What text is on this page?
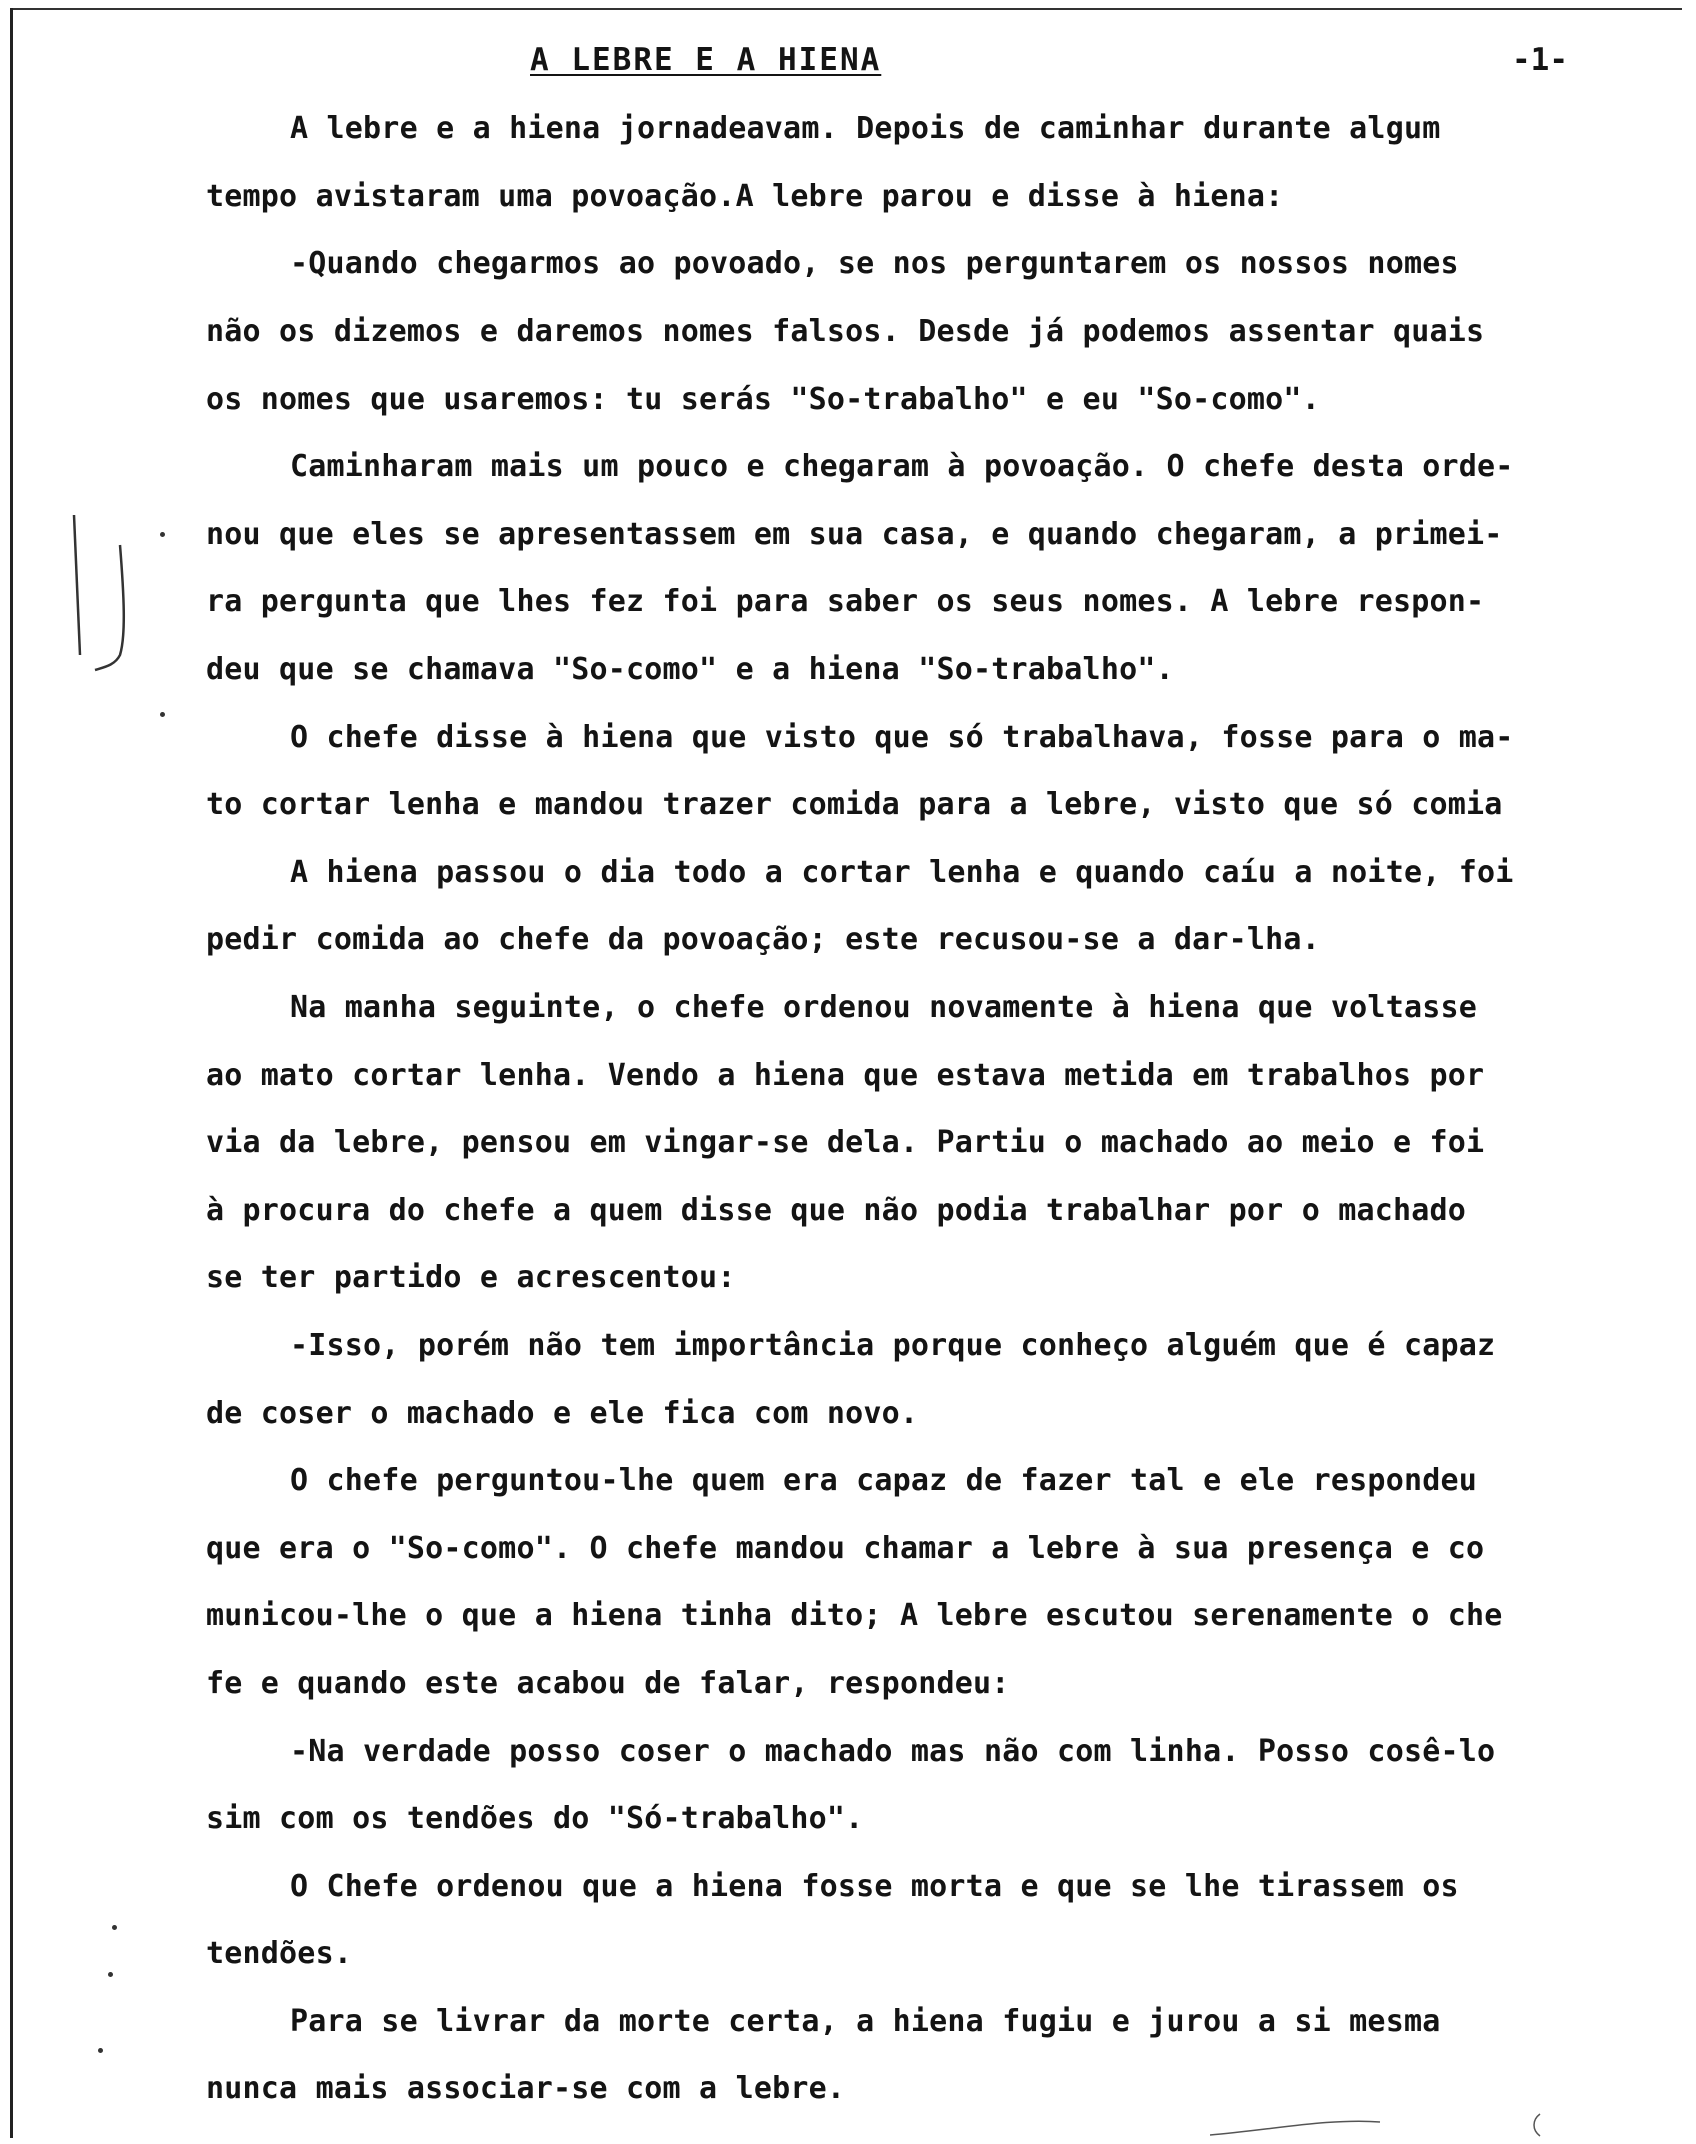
A LEBRE E A HIENA	-1-
A lebre e a hiena jornadeavam. Depois de caminhar durante algum
tempo avistaram uma povoação.A lebre parou e disse à hiena:
-Quando chegarmos ao povoado, se nos perguntarem os nossos nomes
não os dizemos e daremos nomes falsos. Desde já podemos assentar quais
os nomes que usaremos: tu serás "So-trabalho" e eu "So-como".
Caminharam mais um pouco e chegaram à povoação. O chefe desta orde-
nou que eles se apresentassem em sua casa, e quando chegaram, a primei-
ra pergunta que lhes fez foi para saber os seus nomes. A lebre respon-
deu que se chamava "So-como" e a hiena "So-trabalho".
O chefe disse à hiena que visto que só trabalhava, fosse para o ma-
to cortar lenha e mandou trazer comida para a lebre, visto que só comia
A hiena passou o dia todo a cortar lenha e quando caíu a noite, foi
pedir comida ao chefe da povoação; este recusou-se a dar-lha.
Na manha seguinte, o chefe ordenou novamente à hiena que voltasse
ao mato cortar lenha. Vendo a hiena que estava metida em trabalhos por
via da lebre, pensou em vingar-se dela. Partiu o machado ao meio e foi
à procura do chefe a quem disse que não podia trabalhar por o machado
se ter partido e acrescentou:
-Isso, porém não tem importância porque conheço alguém que é capaz
de coser o machado e ele fica com novo.
O chefe perguntou-lhe quem era capaz de fazer tal e ele respondeu
que era o "So-como". O chefe mandou chamar a lebre à sua presença e co
municou-lhe o que a hiena tinha dito; A lebre escutou serenamente o che
fe e quando este acabou de falar, respondeu:
-Na verdade posso coser o machado mas não com linha. Posso cosê-lo
sim com os tendões do "Só-trabalho".
O Chefe ordenou que a hiena fosse morta e que se lhe tirassem os
tendões.
Para se livrar da morte certa, a hiena fugiu e jurou a si mesma
nunca mais associar-se com a lebre.
